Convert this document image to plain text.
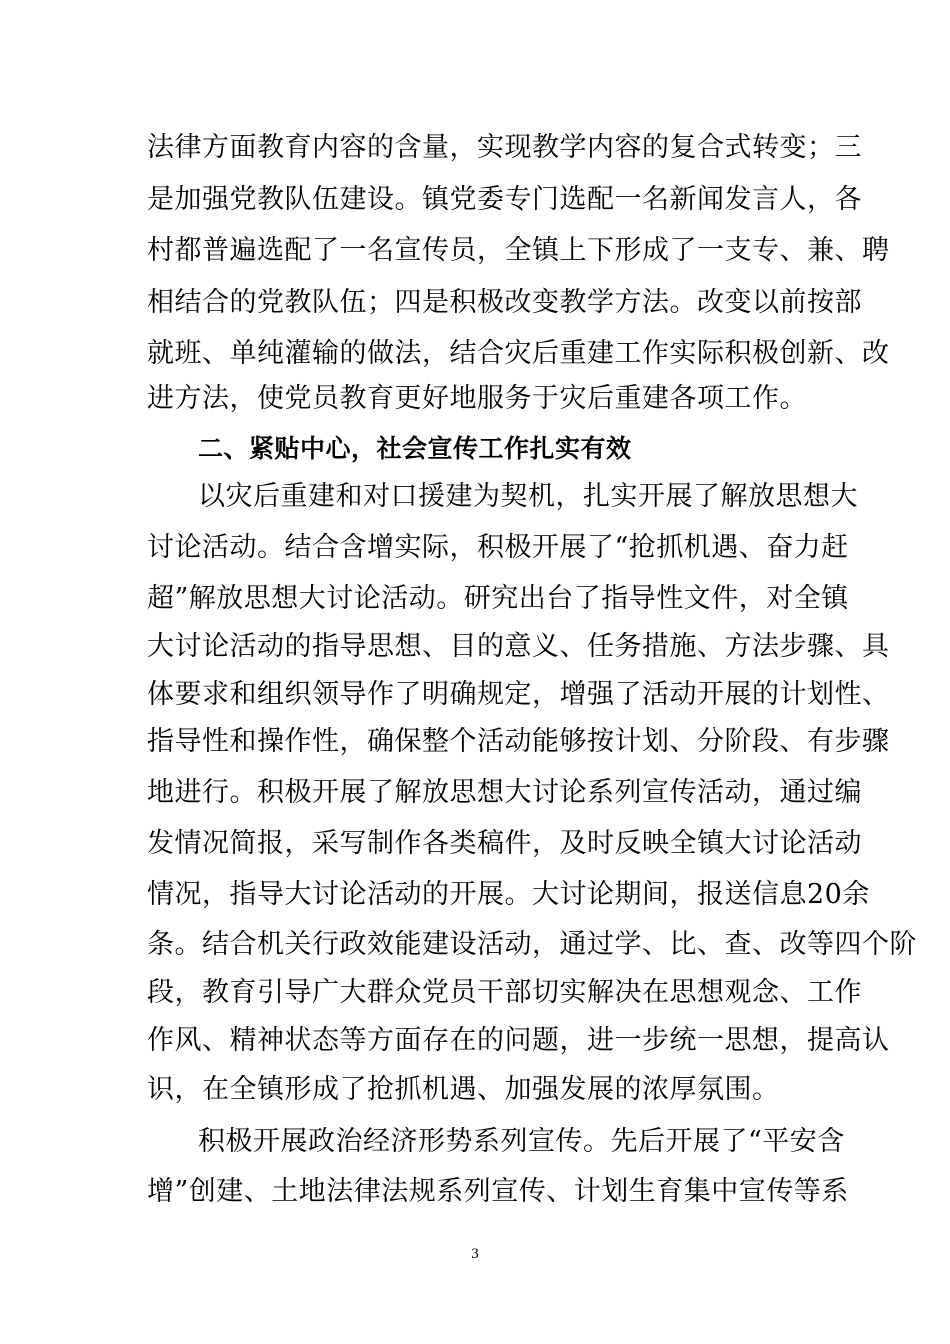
法律方面教育内容的含量，实现教学内容的复合式转变；三
是加强党教队伍建设。镇党委专门选配一名新闻发言人，各
村都普遍选配了一名宣传员，全镇上下形成了一支专、兼、聘
相结合的党教队伍；四是积极改变教学方法。改变以前按部
就班、单纯灌输的做法，结合灾后重建工作实际积极创新、改
进方法，使党员教育更好地服务于灾后重建各项工作。
二、紧贴中心，社会宣传工作扎实有效
以灾后重建和对口援建为契机，扎实开展了解放思想大
讨论活动。结合含增实际，积极开展了“抢抓机遇、奋力赶
超”解放思想大讨论活动。研究出台了指导性文件，对全镇
大讨论活动的指导思想、目的意义、任务措施、方法步骤、具
体要求和组织领导作了明确规定，增强了活动开展的计划性、
指导性和操作性，确保整个活动能够按计划、分阶段、有步骤
地进行。积极开展了解放思想大讨论系列宣传活动，通过编
发情况简报，采写制作各类稿件，及时反映全镇大讨论活动
情况，指导大讨论活动的开展。大讨论期间，报送信息20余
条。结合机关行政效能建设活动，通过学、比、查、改等四个阶
段，教育引导广大群众党员干部切实解决在思想观念、工作
作风、精神状态等方面存在的问题，进一步统一思想，提高认
识，在全镇形成了抢抓机遇、加强发展的浓厚氛围。
积极开展政治经济形势系列宣传。先后开展了“平安含
增”创建、土地法律法规系列宣传、计划生育集中宣传等系
3
